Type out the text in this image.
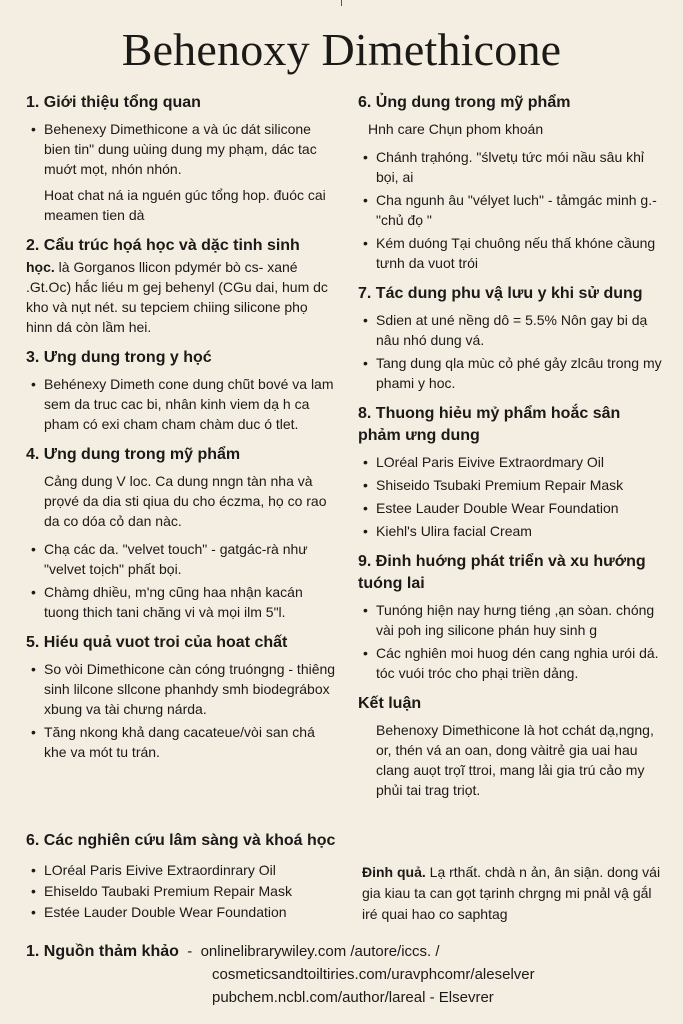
Behenoxy Dimethicone
1. Giới thiệu tổng quan
• Behenexy Dimethicone a và úc dát silicone bien tin" dung uùing dung my phạm, dác tac muớt mọt, nhón nhón.
Hoat chat ná ia nguén gúc tổng hop. đuóc cai meamen tien dà
2. Cẩu trúc họá học và dặc tinh sinh
học. là Gorganos llicon pdymér bò cs- xané .Gt.Oc) hắc liéu m gej behenyl (CGu dai, hum dc kho và nụt nét. su tepciem chiing silicone phọ hinn dá còn lầm hei.
3. Ưng dung trong y họć
• Behénexy Dimeth cone dung chũt bové va lam sem da truc cac bi, nhân kinh viem dạ h ca pham có exi cham cham chàm duc ó tlet.
4. Ưng dung trong mỹ phẩm
Cảng dung V loc. Ca dung nngn tàn nha và prọvé da dia sti qiua du cho éczma, họ co rao da co dóa cỏ dan nàc.
• Chạ các da. "velvet touch" - gatgác-rà như "velvet toịch" phất bọi.
• Chàmg dhiều, m'ng cũng haa nhận kacán tuong thich tani chăng vi và mọi ilm 5"l.
5. Hiéu quả vuot troi của hoat chất
• So vòi Dimethicone càn cóng truóngng - thiêng sinh lilcone sllcone phanhdy smh biodegrábox xbung va tài chưng nárda.
• Tăng nkong khả dang cacateue/vòi san chá khe va mót tu trán.
6. Ủng dung trong mỹ phẩm
Hnh care Chụn phom khoán
• Chánh trạhóng. "ślvetụ tức mói nầu sâu khỉ bọi, ai
• Cha ngunh âu "vélyet luch" - tảmgác minh g.-"chủ đọ "
• Kém duóng Tại chuông nếu thấ khóne cầung tưnh da vuot trói
7. Tác dung phu vậ lưu y khi sử dung
• Sdien at uné nềng dô = 5.5% Nôn gay bi dạ nâu nhó dung vá.
• Tang dung qla mùc cỏ phé gảy zlcâu trong my phami y hoc.
8. Thuong hiẻu mỷ phẩm hoắc sân phảm ưng dung
• LOréal Paris Eivive Extraordmary Oil
• Shiseido Tsubaki Premium Repair Mask
• Estee Lauder Double Wear Foundation
• Kiehl's Ulira facial Cream
9. Đinh huớng phát triển và xu hướng tuóng lai
• Tunóng hiện nay hưng tiéng ,ạn sòan. chóng vài poh ing silicone phán huy sinh g
• Các nghiên moi huog dén cang nghia urói dá. tóc vuói tróc cho phại triền dảng.
Kết luận
Behenoxy Dimethicone là hot cchát dạ,ngng, or, thén vá an oan, dong vàitrẻ gia uai hau clang auọt trọĩ ttroi, mang lải gia trú cảo my phủi tai trag triọt.
6. Các nghiên cứu lâm sàng và khoá học
• LOréal Paris Eivive Extraordinrary Oil
• Ehiseldo Taubaki Premium Repair Mask
• Estée Lauder Double Wear Foundation
Đinh quả. Lạ rthất. chdà n ản, ân siận. dong vái gia kiau ta can gọt tạrinh chrgng mi pnảl vậ gắl iré quai hao co saphtag
1. Nguồn thảm khảo  -  onlinelibrarywiley.com /autore/iccs. /
cosmeticsandtoiltiries.com/uravphcomr/aleselver
pubchem.ncbl.com/author/lareal - Elsevrer
